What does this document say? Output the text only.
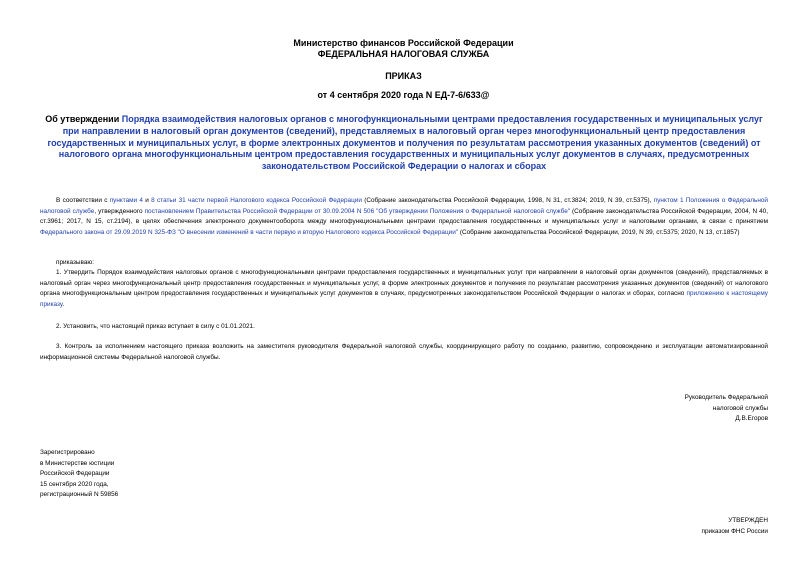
Министерство финансов Российской Федерации
ФЕДЕРАЛЬНАЯ НАЛОГОВАЯ СЛУЖБА
ПРИКАЗ
от 4 сентября 2020 года N ЕД-7-6/633@
Об утверждении Порядка взаимодействия налоговых органов с многофункциональными центрами предоставления государственных и муниципальных услуг при направлении в налоговый орган документов (сведений), представляемых в налоговый орган через многофункциональный центр предоставления государственных и муниципальных услуг, в форме электронных документов и получения по результатам рассмотрения указанных документов (сведений) от налогового органа многофункциональным центром предоставления государственных и муниципальных услуг документов в случаях, предусмотренных законодательством Российской Федерации о налогах и сборах
В соответствии с пунктами 4 и 8 статьи 31 части первой Налогового кодекса Российской Федерации (Собрание законодательства Российской Федерации, 1998, N 31, ст.3824; 2019, N 39, ст.5375), пунктом 1 Положения о Федеральной налоговой службе, утвержденного постановлением Правительства Российской Федерации от 30.09.2004 N 506 "Об утверждении Положения о Федеральной налоговой службе" (Собрание законодательства Российской Федерации, 2004, N 40, ст.3961; 2017, N 15, ст.2194), в целях обеспечения электронного документооборота между многофункциональными центрами предоставления государственных и муниципальных услуг и налоговыми органами, в связи с принятием Федерального закона от 29.09.2019 N 325-ФЗ "О внесении изменений в части первую и вторую Налогового кодекса Российской Федерации" (Собрание законодательства Российской Федерации, 2019, N 39, ст.5375; 2020, N 13, ст.1857)
приказываю:
1. Утвердить Порядок взаимодействия налоговых органов с многофункциональными центрами предоставления государственных и муниципальных услуг при направлении в налоговый орган документов (сведений), представляемых в налоговый орган через многофункциональный центр предоставления государственных и муниципальных услуг, в форме электронных документов и получения по результатам рассмотрения указанных документов (сведений) от налогового органа многофункциональным центром предоставления государственных и муниципальных услуг документов в случаях, предусмотренных законодательством Российской Федерации о налогах и сборах, согласно приложению к настоящему приказу.
2. Установить, что настоящий приказ вступает в силу с 01.01.2021.
3. Контроль за исполнением настоящего приказа возложить на заместителя руководителя Федеральной налоговой службы, координирующего работу по созданию, развитию, сопровождению и эксплуатации автоматизированной информационной системы Федеральной налоговой службы.
Руководитель Федеральной
налоговой службы
Д.В.Егоров
Зарегистрировано
в Министерстве юстиции
Российской Федерации
15 сентября 2020 года,
регистрационный N 59856
УТВЕРЖДЕН
приказом ФНС России
